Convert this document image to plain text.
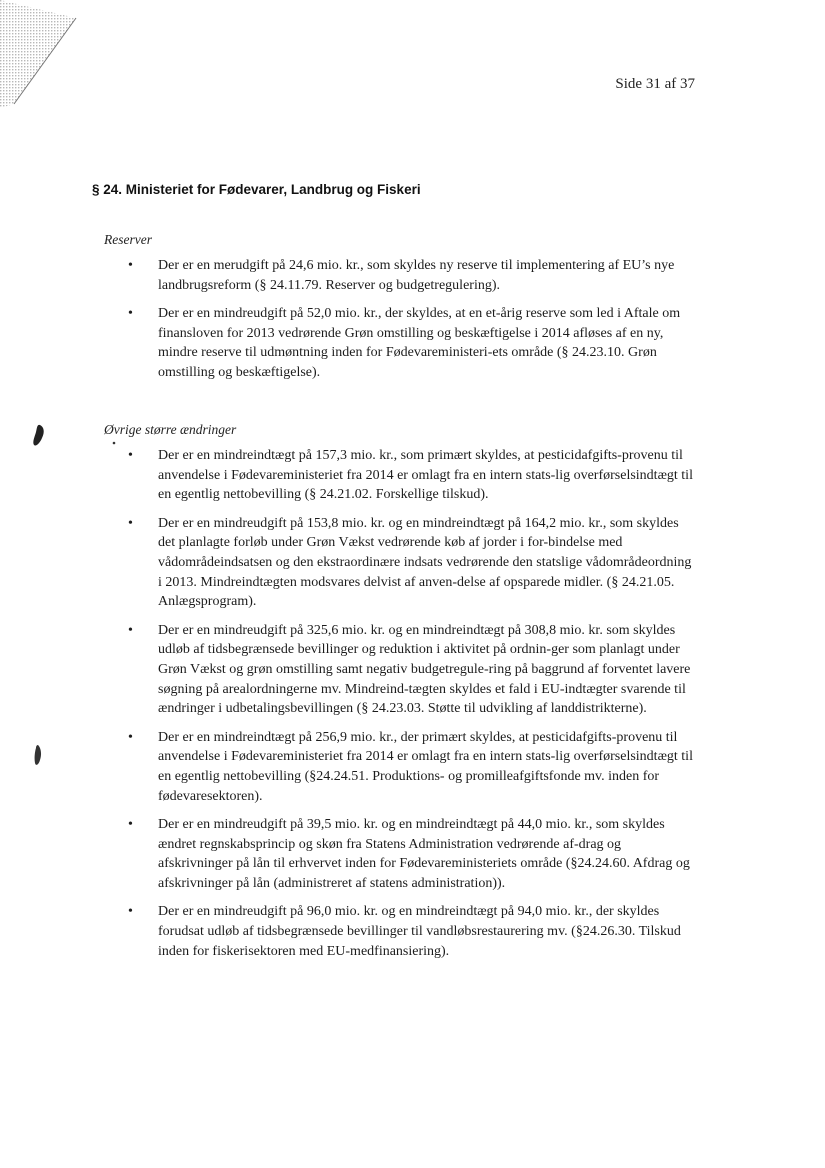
Side 31 af 37
§ 24. Ministeriet for Fødevarer, Landbrug og Fiskeri
Reserver
• Der er en merudgift på 24,6 mio. kr., som skyldes ny reserve til implementering af EU’s nye landbrugsreform (§ 24.11.79. Reserver og budgetregulering).
• Der er en mindreudgift på 52,0 mio. kr., der skyldes, at en et-årig reserve som led i Aftale om finansloven for 2013 vedrørende Grøn omstilling og beskæftigelse i 2014 afløses af en ny, mindre reserve til udmøntning inden for Fødevareministeri-ets område (§ 24.23.10. Grøn omstilling og beskæftigelse).
Øvrige større ændringer
• Der er en mindreindtægt på 157,3 mio. kr., som primært skyldes, at pesticidafgifts-provenu til anvendelse i Fødevareministeriet fra 2014 er omlagt fra en intern stats-lig overførselsindtægt til en egentlig nettobevilling (§ 24.21.02. Forskellige tilskud).
• Der er en mindreudgift på 153,8 mio. kr. og en mindreindtægt på 164,2 mio. kr., som skyldes det planlagte forløb under Grøn Vækst vedrørende køb af jorder i for-bindelse med vådområdeindsatsen og den ekstraordinære indsats vedrørende den statslige vådområdeordning i 2013. Mindreindtægten modsvares delvist af anven-delse af opsparede midler. (§ 24.21.05. Anlægsprogram).
• Der er en mindreudgift på 325,6 mio. kr. og en mindreindtægt på 308,8 mio. kr. som skyldes udløb af tidsbegrænsede bevillinger og reduktion i aktivitet på ordnin-ger som planlagt under Grøn Vækst og grøn omstilling samt negativ budgetregule-ring på baggrund af forventet lavere søgning på arealordningerne mv. Mindreind-tægten skyldes et fald i EU-indtægter svarende til ændringer i udbetalingsbevillingen (§ 24.23.03. Støtte til udvikling af landdistrikterne).
• Der er en mindreindtægt på 256,9 mio. kr., der primært skyldes, at pesticidafgifts-provenu til anvendelse i Fødevareministeriet fra 2014 er omlagt fra en intern stats-lig overførselsindtægt til en egentlig nettobevilling (§24.24.51. Produktions- og promilleafgiftsfonde mv. inden for fødevaresektoren).
• Der er en mindreudgift på 39,5 mio. kr. og en mindreindtægt på 44,0 mio. kr., som skyldes ændret regnskabsprincip og skøn fra Statens Administration vedrørende af-drag og afskrivninger på lån til erhvervet inden for Fødevareministeriets område (§24.24.60. Afdrag og afskrivninger på lån (administreret af statens administration)).
• Der er en mindreudgift på 96,0 mio. kr. og en mindreindtægt på 94,0 mio. kr., der skyldes forudsat udløb af tidsbegrænsede bevillinger til vandløbsrestaurering mv. (§24.26.30. Tilskud inden for fiskerisektoren med EU-medfinansiering).
